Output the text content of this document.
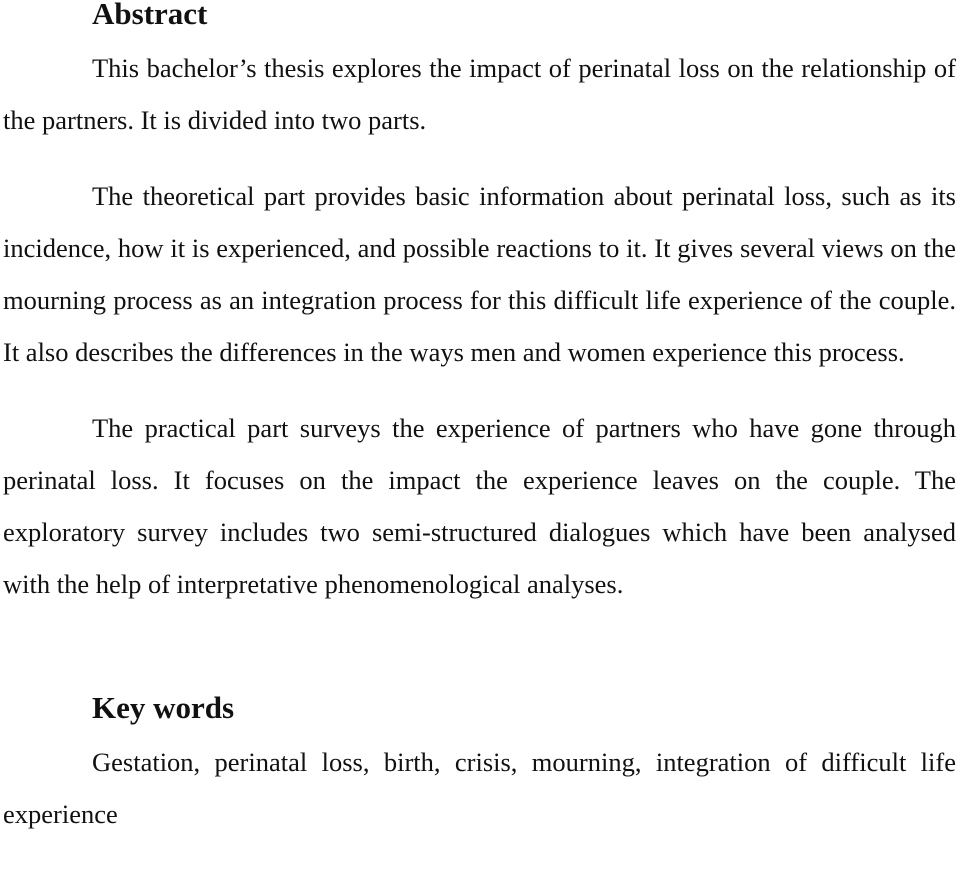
Abstract

This bachelor’s thesis explores the impact of perinatal loss on the relationship of the partners. It is divided into two parts.

The theoretical part provides basic information about perinatal loss, such as its incidence, how it is experienced, and possible reactions to it. It gives several views on the mourning process as an integration process for this difficult life experience of the couple. It also describes the differences in the ways men and women experience this process.

The practical part surveys the experience of partners who have gone through perinatal loss. It focuses on the impact the experience leaves on the couple. The exploratory survey includes two semi-structured dialogues which have been analysed with the help of interpretative phenomenological analyses.

Key words

Gestation, perinatal loss, birth, crisis, mourning, integration of difficult life experience
